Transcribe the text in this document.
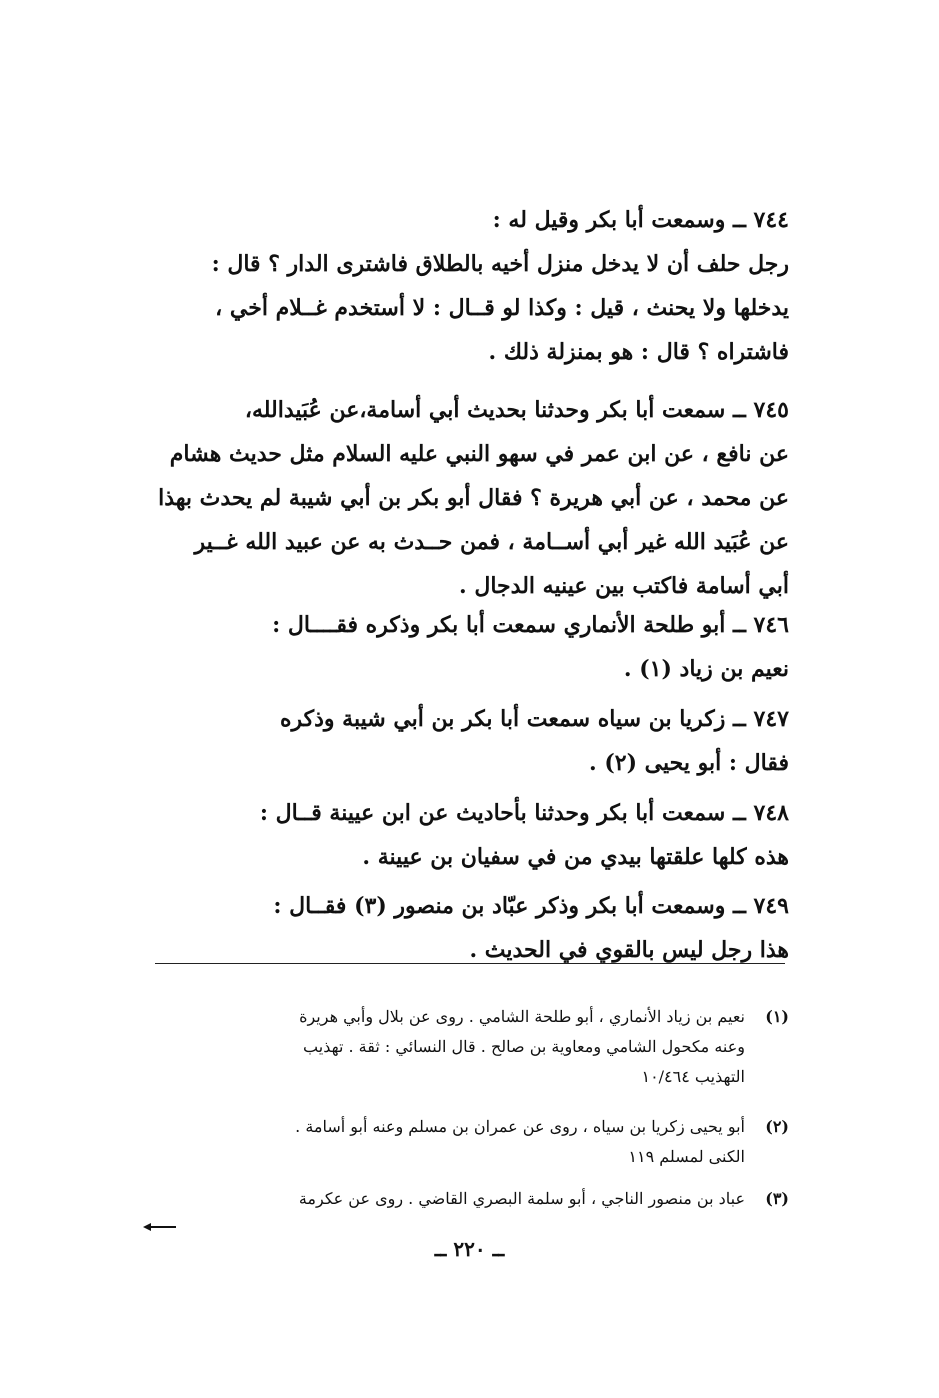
٧٤٤ ــ وسمعت أبا بكر وقيل له :

رجل حلف أن لا يدخل منزل أخيه بالطلاق فاشترى الدار ؟ قال :

يدخلها ولا يحنث ، قيل : وكذا لو قــال : لا أستخدم غــلام أخي ،

فاشتراه ؟ قال : هو بمنزلة ذلك .

٧٤٥ ــ سمعت أبا بكر وحدثنا بحديث أبي أسامة،عن عُبَيدالله،

عن نافع ، عن ابن عمر في سهو النبي عليه السلام مثل حديث هشام

عن محمد ، عن أبي هريرة ؟ فقال أبو بكر بن أبي شيبة لم يحدث بهذا

عن عُبَيد الله غير أبي أســامة ، فمن حــدث به عن عبيد الله غــير

أبي أسامة فاكتب بين عينيه الدجال .

٧٤٦ ــ أبو طلحة الأنماري سمعت أبا بكر وذكره فقــــال :

نعيم بن زياد (١) .

٧٤٧ ــ زكريا بن سياه سمعت أبا بكر بن أبي شيبة وذكره

فقال : أبو يحيى (٢) .

٧٤٨ ــ سمعت أبا بكر وحدثنا بأحاديث عن ابن عيينة قــال :

هذه كلها علقتها بيدي من في سفيان بن عيينة .

٧٤٩ ــ وسمعت أبا بكر وذكر عبّاد بن منصور (٣) فقــال :

هذا رجل ليس بالقوي في الحديث .

(١)نعيم بن زياد الأنماري ، أبو طلحة الشامي . روى عن بلال وأبي هريرة
وعنه مكحول الشامي ومعاوية بن صالح . قال النسائي : ثقة . تهذيب
التهذيب ١٠/٤٦٤
(٢)أبو يحيى زكريا بن سياه ، روى عن عمران بن مسلم وعنه أبو أسامة .
الكنى لمسلم ١١٩
(٣)عباد بن منصور الناجي ، أبو سلمة البصري القاضي . روى عن عكرمة
ــ ٢٢٠ ــ
